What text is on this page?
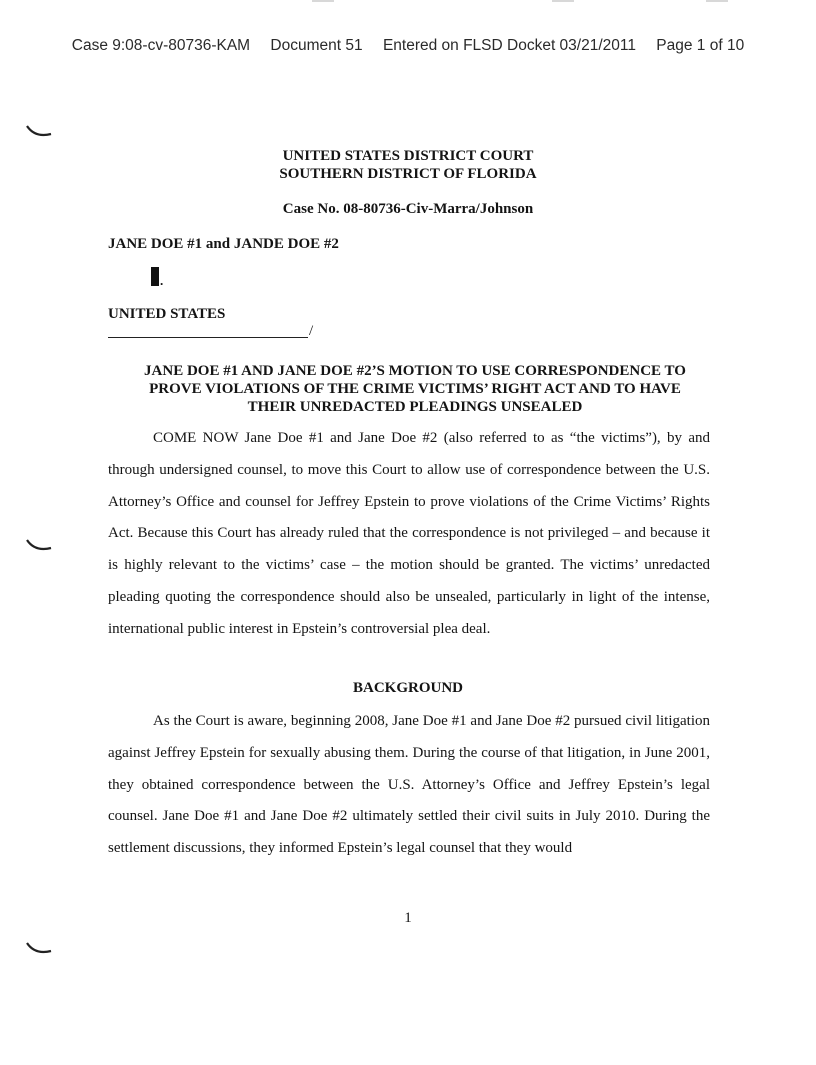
Case 9:08-cv-80736-KAM Document 51 Entered on FLSD Docket 03/21/2011 Page 1 of 10
UNITED STATES DISTRICT COURT
SOUTHERN DISTRICT OF FLORIDA
Case No. 08-80736-Civ-Marra/Johnson
JANE DOE #1 and JANDE DOE #2
.
UNITED STATES
/
JANE DOE #1 AND JANE DOE #2’S MOTION TO USE CORRESPONDENCE TO
PROVE VIOLATIONS OF THE CRIME VICTIMS’ RIGHT ACT AND TO HAVE
THEIR UNREDACTED PLEADINGS UNSEALED

COME NOW Jane Doe #1 and Jane Doe #2 (also referred to as “the victims”), by and through undersigned counsel, to move this Court to allow use of correspondence between the U.S. Attorney’s Office and counsel for Jeffrey Epstein to prove violations of the Crime Victims’ Rights Act. Because this Court has already ruled that the correspondence is not privileged – and because it is highly relevant to the victims’ case – the motion should be granted. The victims’ unredacted pleading quoting the correspondence should also be unsealed, particularly in light of the intense, international public interest in Epstein’s controversial plea deal.

BACKGROUND

As the Court is aware, beginning 2008, Jane Doe #1 and Jane Doe #2 pursued civil litigation against Jeffrey Epstein for sexually abusing them. During the course of that litigation, in June 2001, they obtained correspondence between the U.S. Attorney’s Office and Jeffrey Epstein’s legal counsel. Jane Doe #1 and Jane Doe #2 ultimately settled their civil suits in July 2010. During the settlement discussions, they informed Epstein’s legal counsel that they would

1
